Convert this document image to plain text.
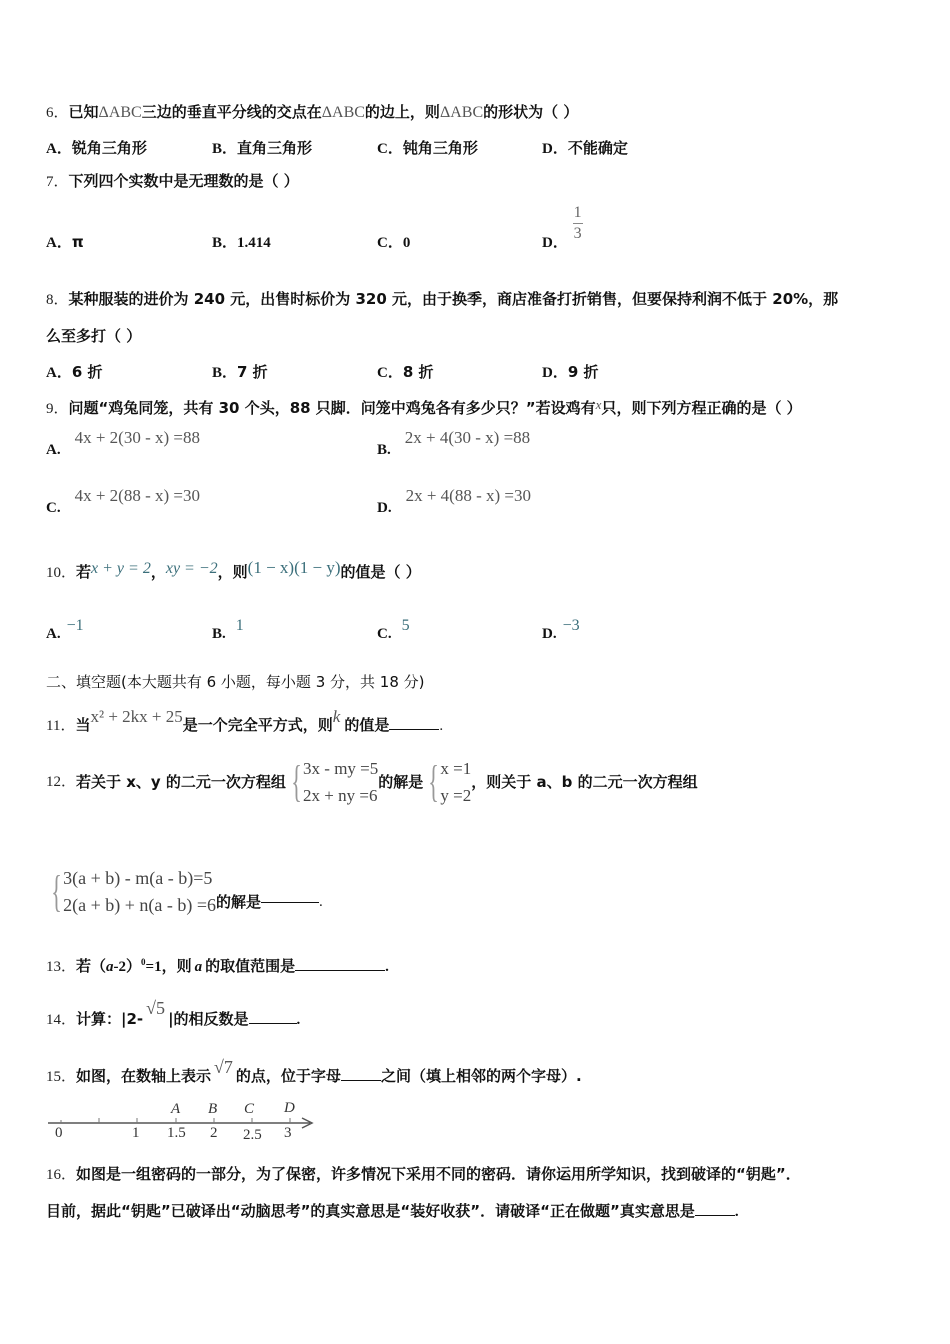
6．已知ΔABC三边的垂直平分线的交点在ΔABC的边上，则ΔABC的形状为（ ）
A．锐角三角形	B．直角三角形	C．钝角三角形	D．不能确定
7．下列四个实数中是无理数的是（ ）
A．π	B．1.414	C．0	D． $\frac{1}{3}$
8．某种服装的进价为 240 元，出售时标价为 320 元，由于换季，商店准备打折销售，但要保持利润不低于 20%，那
么至多打（ ）
A．6 折	B．7 折	C．8 折	D．9 折
9．问题“鸡兔同笼，共有 30 个头，88 只脚．问笼中鸡兔各有多少只？”若设鸡有x只，则下列方程正确的是（ ）
A.4x + 2(30 - x) =88
B.2x + 4(30 - x) =88
C.4x + 2(88 - x) =30
D.2x + 4(88 - x) =30
10．若x + y = 2，xy = −2，则(1 − x)(1 − y)的值是（ ）
A. −1	B. 1	C. 5	D. −3
二、填空题(本大题共有 6 小题，每小题 3 分，共 18 分)
11．当x² + 2kx + 25是一个完全平方式，则k 的值是	.
12． 若关于 x、y 的二元一次方程组 { 3x - my =5
2x + ny =6
的解是 { x =1
y =2
，则关于 a、b 的二元一次方程组
{ 3(a + b) - m(a - b)=5
2(a + b) + n(a - b) =6 的解是	.
13．若$(a-2)^0=1$，则 a 的取值范围是	.
14．计算：|2-√5|的相反数是	.
15．如图，在数轴上表示 √7 的点，位于字母	之间（填上相邻的两个字母）.
0	1 1.5 2 2.5 3
A B C D
16．如图是一组密码的一部分，为了保密，许多情况下采用不同的密码．请你运用所学知识，找到破译的“钥匙”．
目前，据此“钥匙”已破译出“动脑思考”的真实意思是“装好收获”．请破译“正在做题”真实意思是	.
